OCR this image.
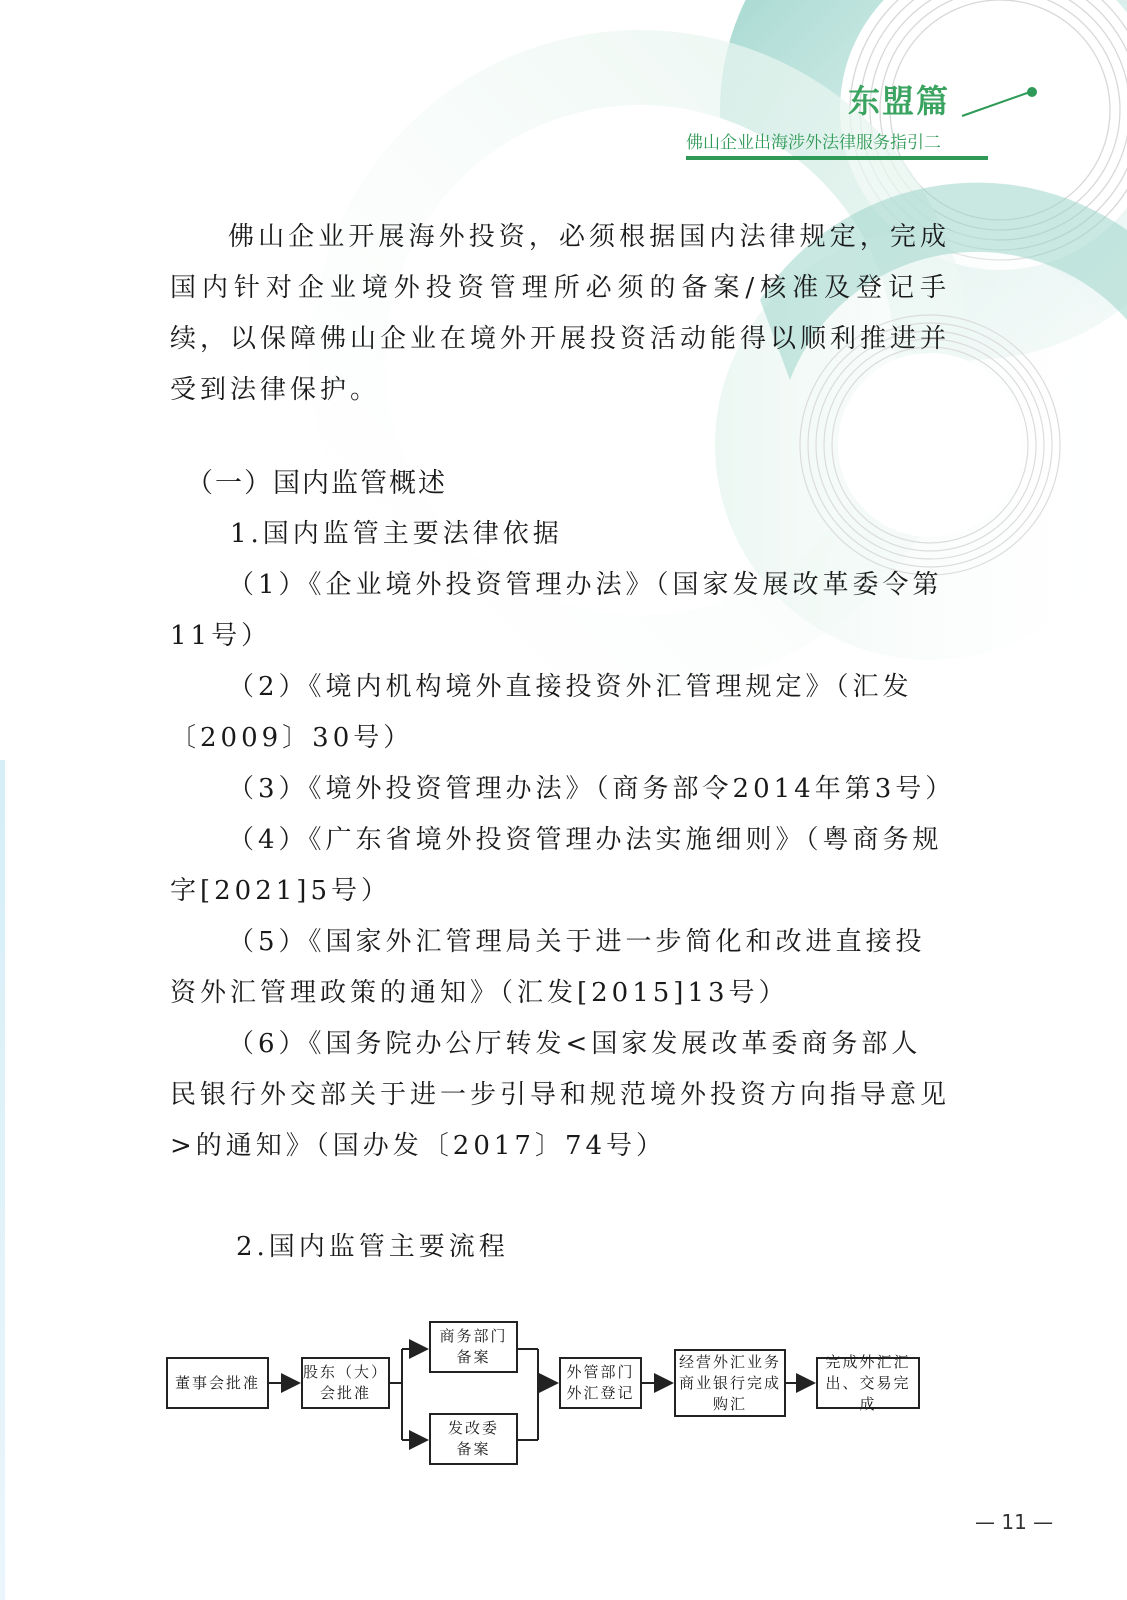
东盟篇
佛山企业出海涉外法律服务指引二

佛山企业开展海外投资，必须根据国内法律规定，完成国内针对企业境外投资管理所必须的备案/核准及登记手续，以保障佛山企业在境外开展投资活动能得以顺利推进并受到法律保护。

（一）国内监管概述
1.国内监管主要法律依据

（1）《企业境外投资管理办法》（国家发展改革委令第11号）

（2）《境内机构境外直接投资外汇管理规定》（汇发〔2009〕30号）

（3）《境外投资管理办法》（商务部令2014年第3号）

（4）《广东省境外投资管理办法实施细则》（粤商务规字[2021]5号）

（5）《国家外汇管理局关于进一步简化和改进直接投资外汇管理政策的通知》（汇发[2015]13号）

（6）《国务院办公厅转发<国家发展改革委商务部人民银行外交部关于进一步引导和规范境外投资方向指导意见>的通知》（国办发〔2017〕74号）

2.国内监管主要流程
董事会批准
股东（大）
会批准
商务部门
备案
发改委
备案
外管部门
外汇登记
经营外汇业务
商业银行完成
购汇
完成外汇汇
出、交易完成
— 11 —
